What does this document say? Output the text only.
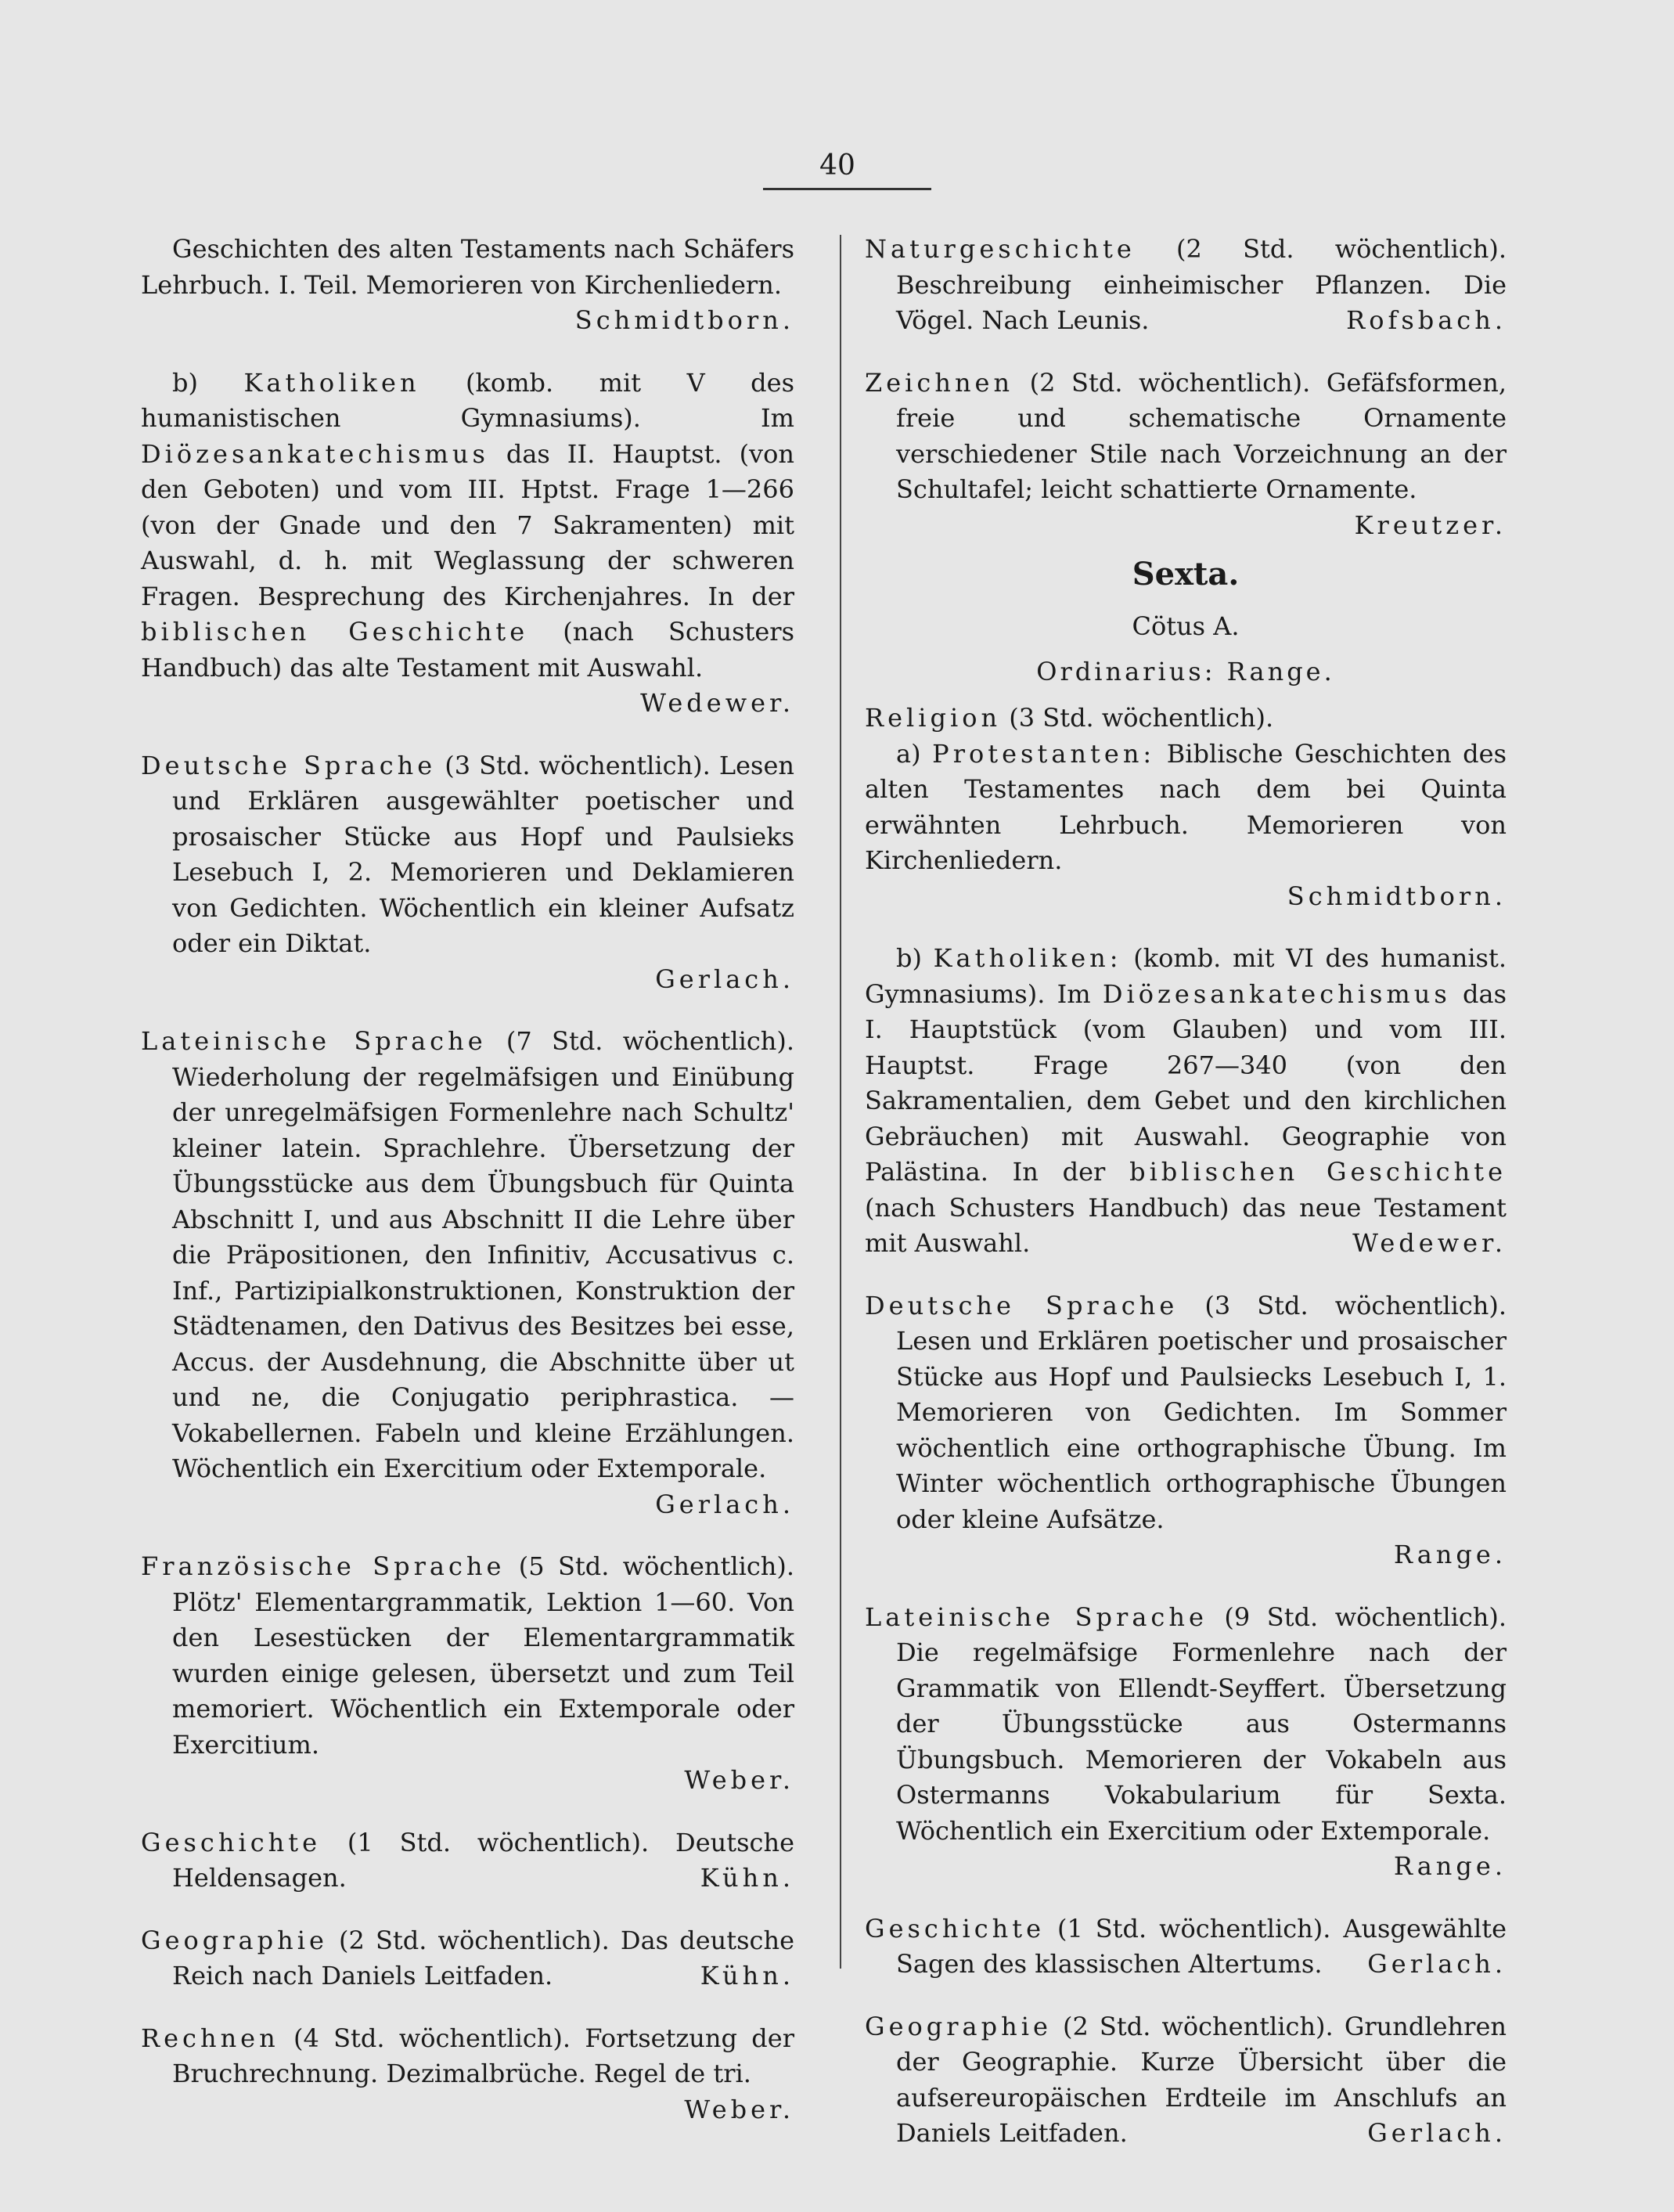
40

Geschichten des alten Testaments nach Schäfers Lehrbuch. I. Teil. Memorieren von Kirchenliedern.
Schmidtborn.

b) Katholiken (komb. mit V des humanistischen Gymnasiums). Im Diözesankatechismus das II. Hauptst. (von den Geboten) und vom III. Hptst. Frage 1—266 (von der Gnade und den 7 Sakramenten) mit Auswahl, d. h. mit Weglassung der schweren Fragen. Besprechung des Kirchenjahres. In der biblischen Geschichte (nach Schusters Handbuch) das alte Testament mit Auswahl.
Wedewer.

Deutsche Sprache (3 Std. wöchentlich). Lesen und Erklären ausgewählter poetischer und prosaischer Stücke aus Hopf und Paulsieks Lesebuch I, 2. Memorieren und Deklamieren von Gedichten. Wöchentlich ein kleiner Aufsatz oder ein Diktat.
Gerlach.

Lateinische Sprache (7 Std. wöchentlich). Wiederholung der regelmäfsigen und Einübung der unregelmäfsigen Formenlehre nach Schultz' kleiner latein. Sprachlehre. Übersetzung der Übungsstücke aus dem Übungsbuch für Quinta Abschnitt I, und aus Abschnitt II die Lehre über die Präpositionen, den Infinitiv, Accusativus c. Inf., Partizipialkonstruktionen, Konstruktion der Städtenamen, den Dativus des Besitzes bei esse, Accus. der Ausdehnung, die Abschnitte über ut und ne, die Conjugatio periphrastica. — Vokabellernen. Fabeln und kleine Erzählungen. Wöchentlich ein Exercitium oder Extemporale.
Gerlach.

Französische Sprache (5 Std. wöchentlich). Plötz' Elementargrammatik, Lektion 1—60. Von den Lesestücken der Elementargrammatik wurden einige gelesen, übersetzt und zum Teil memoriert. Wöchentlich ein Extemporale oder Exercitium.
Weber.

Geschichte (1 Std. wöchentlich). Deutsche Heldensagen.	Kühn.

Geographie (2 Std. wöchentlich). Das deutsche Reich nach Daniels Leitfaden.	Kühn.

Rechnen (4 Std. wöchentlich). Fortsetzung der Bruchrechnung. Dezimalbrüche. Regel de tri.
Weber.

Naturgeschichte (2 Std. wöchentlich). Beschreibung einheimischer Pflanzen. Die Vögel. Nach Leunis.	Rofsbach.

Zeichnen (2 Std. wöchentlich). Gefäfsformen, freie und schematische Ornamente verschiedener Stile nach Vorzeichnung an der Schultafel; leicht schattierte Ornamente.
Kreutzer.

Sexta.

Cötus A.

Ordinarius: Range.

Religion (3 Std. wöchentlich).

a) Protestanten: Biblische Geschichten des alten Testamentes nach dem bei Quinta erwähnten Lehrbuch. Memorieren von Kirchenliedern.
Schmidtborn.

b) Katholiken: (komb. mit VI des humanist. Gymnasiums). Im Diözesankatechismus das I. Hauptstück (vom Glauben) und vom III. Hauptst. Frage 267—340 (von den Sakramentalien, dem Gebet und den kirchlichen Gebräuchen) mit Auswahl. Geographie von Palästina. In der biblischen Geschichte (nach Schusters Handbuch) das neue Testament mit Auswahl.	Wedewer.

Deutsche Sprache (3 Std. wöchentlich). Lesen und Erklären poetischer und prosaischer Stücke aus Hopf und Paulsiecks Lesebuch I, 1. Memorieren von Gedichten. Im Sommer wöchentlich eine orthographische Übung. Im Winter wöchentlich orthographische Übungen oder kleine Aufsätze.
Range.

Lateinische Sprache (9 Std. wöchentlich). Die regelmäfsige Formenlehre nach der Grammatik von Ellendt-Seyffert. Übersetzung der Übungsstücke aus Ostermanns Übungsbuch. Memorieren der Vokabeln aus Ostermanns Vokabularium für Sexta. Wöchentlich ein Exercitium oder Extemporale.
Range.

Geschichte (1 Std. wöchentlich). Ausgewählte Sagen des klassischen Altertums. Gerlach.

Geographie (2 Std. wöchentlich). Grundlehren der Geographie. Kurze Übersicht über die aufsereuropäischen Erdteile im Anschlufs an Daniels Leitfaden.	Gerlach.
